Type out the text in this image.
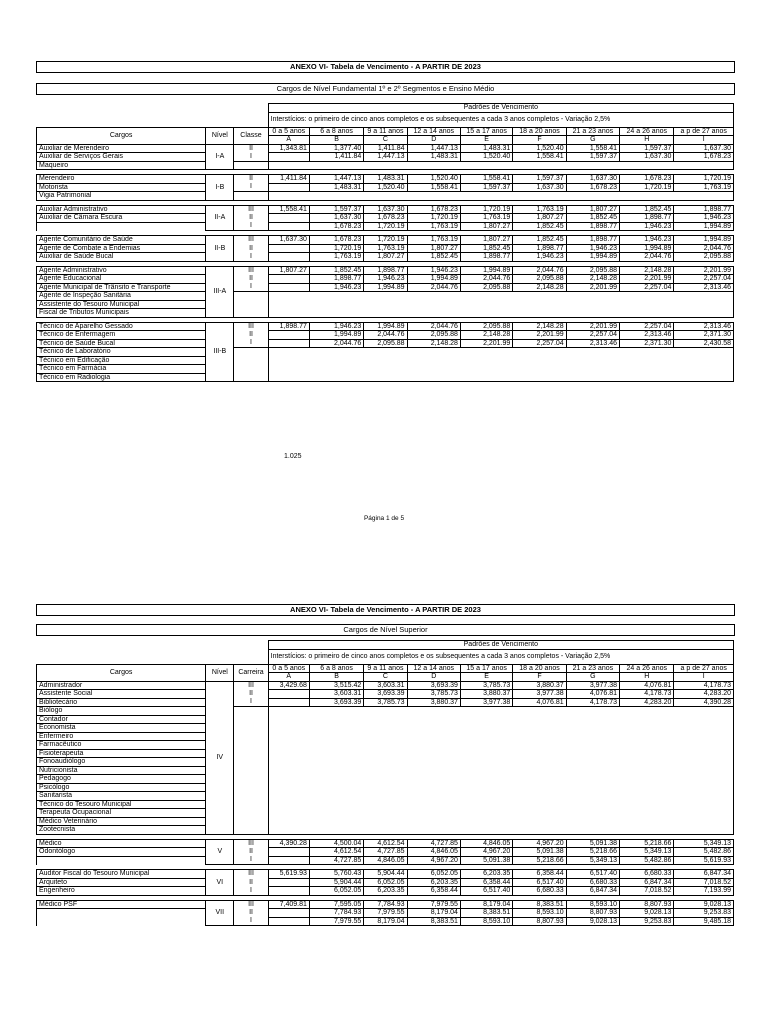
ANEXO VI- Tabela de Vencimento - A PARTIR DE 2023
Cargos de Nível Fundamental 1º e 2º Segmentos e Ensino Médio
			Padrões de Vencimento								
			Interstícios: o primeiro de cinco anos completos e os subsequentes a cada 3 anos completos - Variação 2,5%								
Cargos	Nível	Classe	0 a 5 anos	6 a 8 anos	9 a 11 anos	12 a 14 anos	15 a 17 anos	18 a 20 anos	21 a 23 anos	24 a 26 anos	a p de 27 anos
			A	B	C	D	E	F	G	H	I
Auxiliar de Merendeiro	I-A	II	1,343.81	1,377.40	1,411.84	1,447.13	1,483.31	1,520.40	1,558.41	1,597.37	1,637.30
Auxiliar de Serviços Gerais		I		1,411.84	1,447.13	1,483.31	1,520.40	1,558.41	1,597.37	1,637.30	1,678.23
Maqueiro											

Merendeiro	I-B	II	1,411.84	1,447.13	1,483.31	1,520.40	1,558.41	1,597.37	1,637.30	1,678.23	1,720.19
Motorista		I		1,483.31	1,520.40	1,558.41	1,597.37	1,637.30	1,678.23	1,720.19	1,763.19
Vigia Patrimonial											

Auxiliar Administrativo	II-A	III	1,558.41	1,597.37	1,637.30	1,678.23	1,720.19	1,763.19	1,807.27	1,852.45	1,898.77
Auxiliar de Câmara Escura		II		1,637.30	1,678.23	1,720.19	1,763.19	1,807.27	1,852.45	1,898.77	1,946.23
		I		1,678.23	1,720.19	1,763.19	1,807.27	1,852.45	1,898.77	1,946.23	1,994.89

Agente Comunitário de Saúde	II-B	III	1,637.30	1,678.23	1,720.19	1,763.19	1,807.27	1,852.45	1,898.77	1,946.23	1,994.89
Agente de Combate a Endemias		II		1,720.19	1,763.19	1,807.27	1,852.45	1,898.77	1,946.23	1,994.89	2,044.76
Auxiliar de Saúde Bucal		I		1,763.19	1,807.27	1,852.45	1,898.77	1,946.23	1,994.89	2,044.76	2,095.88

Agente Administrativo	III-A	III	1,807.27	1,852.45	1,898.77	1,946.23	1,994.89	2,044.76	2,095.88	2,148.28	2,201.99
Agente Educacional		II		1,898.77	1,946.23	1,994.89	2,044.76	2,095.88	2,148.28	2,201.99	2,257.04
Agente Municipal de Trânsito e Transporte		I		1,946.23	1,994.89	2,044.76	2,095.88	2,148.28	2,201.99	2,257.04	2,313.46
Agente de Inspeção Sanitária											
Assistente do Tesouro Municipal											
Fiscal de Tributos Municipais											

Técnico de Aparelho Gessado	III-B	III	1,898.77	1,946.23	1,994.89	2,044.76	2,095.88	2,148.28	2,201.99	2,257.04	2,313.46
Técnico de Enfermagem		II		1,994.89	2,044.76	2,095.88	2,148.28	2,201.99	2,257.04	2,313.46	2,371.30
Técnico de Saúde Bucal		I		2,044.76	2,095.88	2,148.28	2,201.99	2,257.04	2,313.46	2,371.30	2,430.58
Técnico de Laboratório											
Técnico em Edificação											
Técnico em Farmácia											
Técnico em Radiologia											
1.025
Página 1 de 5
ANEXO VI- Tabela de Vencimento - A PARTIR DE 2023
Cargos de Nível Superior
			Padrões de Vencimento								
			Interstícios: o primeiro de cinco anos completos e os subsequentes a cada 3 anos completos - Variação 2,5%								
Cargos	Nível	Carreira	0 a 5 anos	6 a 8 anos	9 a 11 anos	12 a 14 anos	15 a 17 anos	18 a 20 anos	21 a 23 anos	24 a 26 anos	a p de 27 anos
			A	B	C	D	E	F	G	H	I
Administrador	IV	III	3,429.68	3,515.42	3,603.31	3,693.39	3,785.73	3,880.37	3,977.38	4,076.81	4,178.73
Assistente Social		II		3,603.31	3,693.39	3,785.73	3,880.37	3,977.38	4,076.81	4,178.73	4,283.20
Bibliotecário		I		3,693.39	3,785.73	3,880.37	3,977.38	4,076.81	4,178.73	4,283.20	4,390.28
Biólogo											
Contador											
Economista											
Enfermeiro											
Farmacêutico											
Fisioterapeuta											
Fonoaudiólogo											
Nutricionista											
Pedagogo											
Psicólogo											
Sanitarista											
Técnico do Tesouro Municipal											
Terapeuta Ocupacional											
Médico Veterinário											
Zootecnista											

Médico	V	III	4,390.28	4,500.04	4,612.54	4,727.85	4,846.05	4,967.20	5,091.38	5,218.66	5,349.13
Odontólogo		II		4,612.54	4,727.85	4,846.05	4,967.20	5,091.38	5,218.66	5,349.13	5,482.86
		I		4,727.85	4,846.05	4,967.20	5,091.38	5,218.66	5,349.13	5,482.86	5,619.93

Auditor Fiscal do Tesouro Municipal	VI	III	5,619.93	5,760.43	5,904.44	6,052.05	6,203.35	6,358.44	6,517.40	6,680.33	6,847.34
Arquiteto		II		5,904.44	6,052.05	6,203.35	6,358.44	6,517.40	6,680.33	6,847.34	7,018.52
Engenheiro		I		6,052.05	6,203.35	6,358.44	6,517.40	6,680.33	6,847.34	7,018.52	7,193.99

Médico PSF	VII	III	7,409.81	7,595.05	7,784.93	7,979.55	8,179.04	8,383.51	8,593.10	8,807.93	9,028.13
		II		7,784.93	7,979.55	8,179.04	8,383.51	8,593.10	8,807.93	9,028.13	9,253.83
		I		7,979.55	8,179.04	8,383.51	8,593.10	8,807.93	9,028.13	9,253.83	9,485.18
